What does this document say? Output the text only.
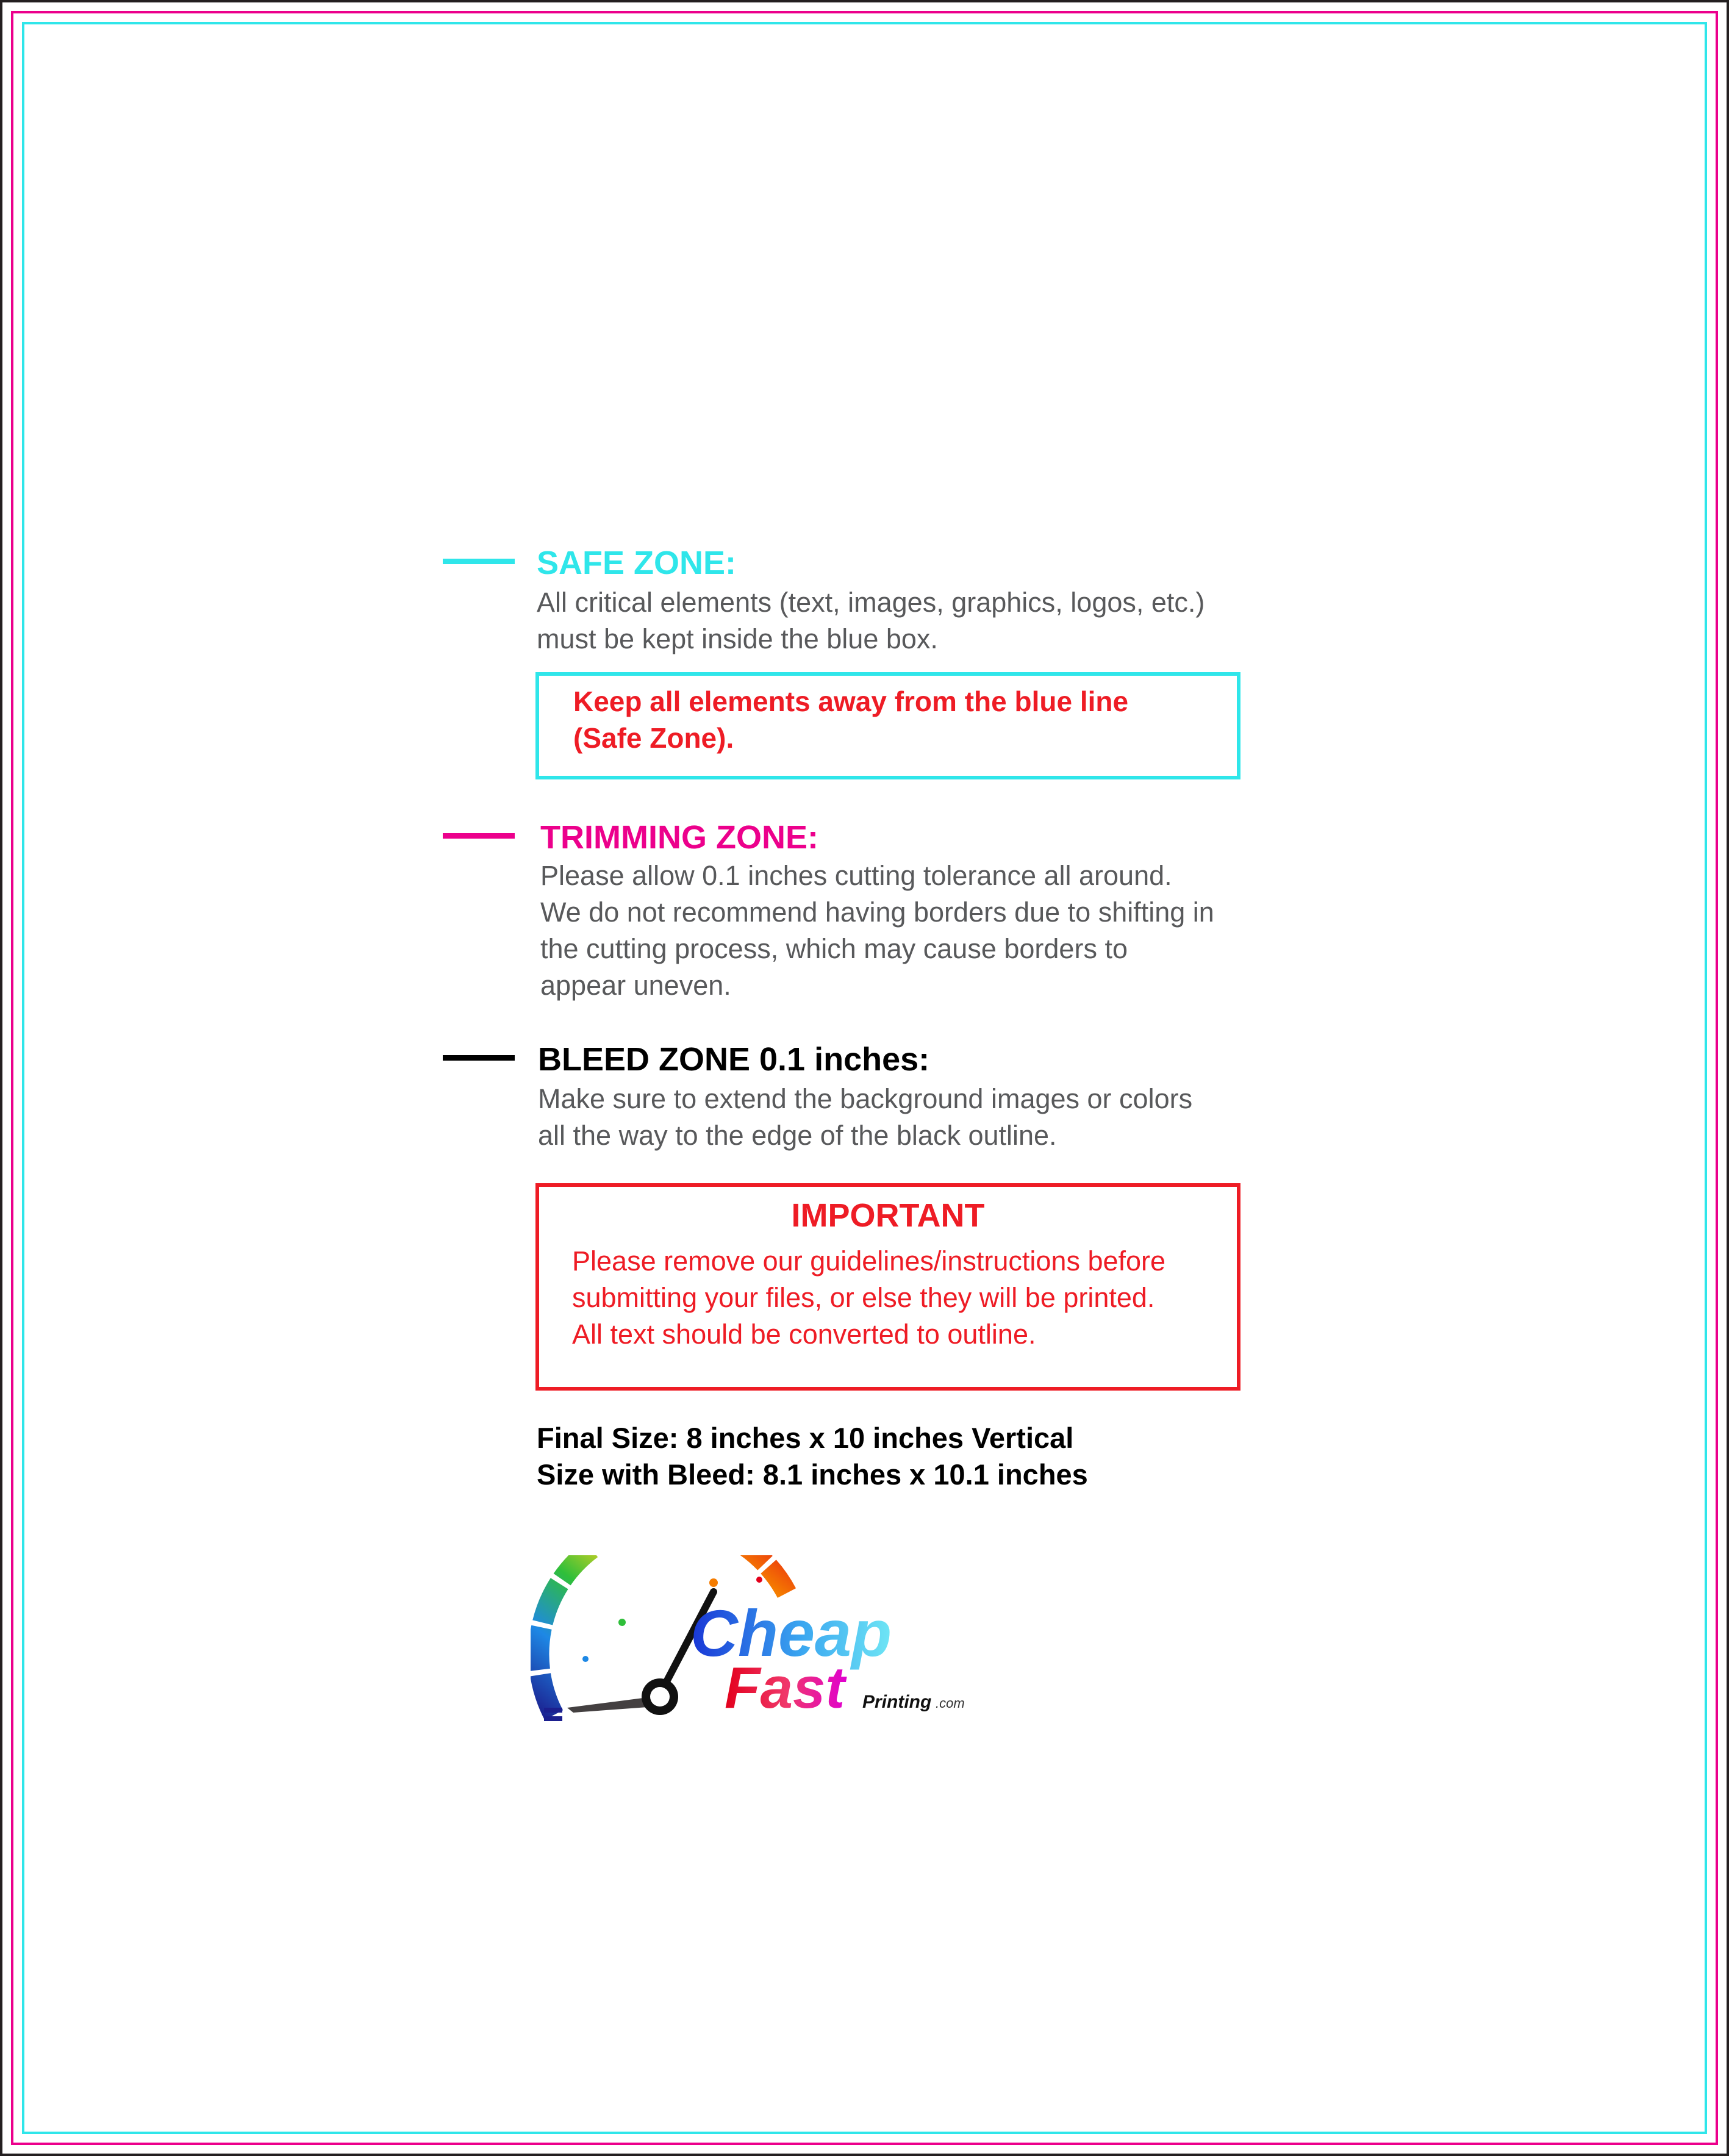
SAFE ZONE:
All critical elements (text, images, graphics, logos, etc.)
must be kept inside the blue box.
Keep all elements away from the blue line
(Safe Zone).
TRIMMING ZONE:
Please allow 0.1 inches cutting tolerance all around.
We do not recommend having borders due to shifting in
the cutting process, which may cause borders to
appear uneven.
BLEED ZONE 0.1 inches:
Make sure to extend the background images or colors
all the way to the edge of the black outline.
IMPORTANT
Please remove our guidelines/instructions before
submitting your files, or else they will be printed.
All text should be converted to outline.
Final Size: 8 inches x 10 inches Vertical
Size with Bleed: 8.1 inches x 10.1 inches
Cheap
Fast Printing .com
